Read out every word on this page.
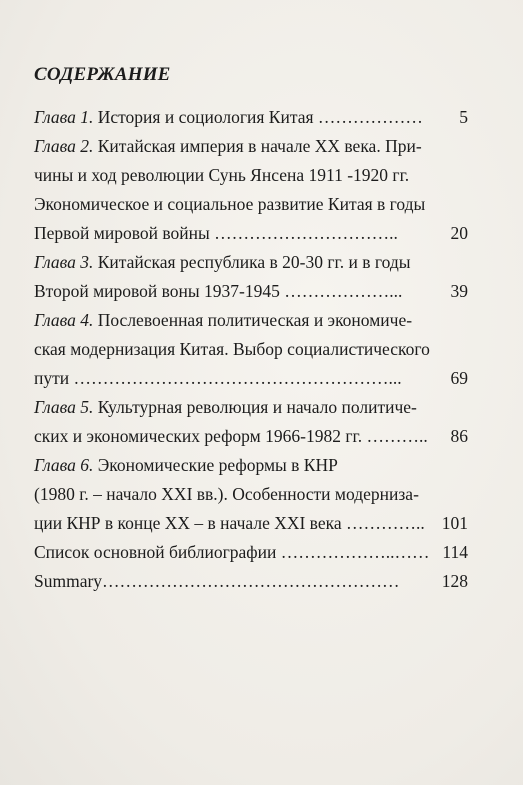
СОДЕРЖАНИЕ
Глава 1. История и социология Китая ……………… 5
Глава 2. Китайская империя в начале XX века. При-
чины и ход революции Сунь Янсена 1911 -1920 гг.
Экономическое и социальное развитие Китая в годы
Первой мировой войны …………………………..	20
Глава 3. Китайская республика в 20-30 гг. и в годы
Второй мировой воны 1937-1945 ………………...	39
Глава 4. Послевоенная политическая и экономиче-
ская модернизация Китая. Выбор социалистического
пути ………………………………………………...	69
Глава 5. Культурная революция и начало политиче-
ских и экономических реформ 1966-1982 гг. ……….. 86
Глава 6. Экономические реформы в КНР
(1980 г. – начало XXI вв.). Особенности модерниза-
ции КНР в конце XX – в начале XXI века ………….. 101
Список основной библиографии ………………..…… 114
Summary…………………………………………… 128
